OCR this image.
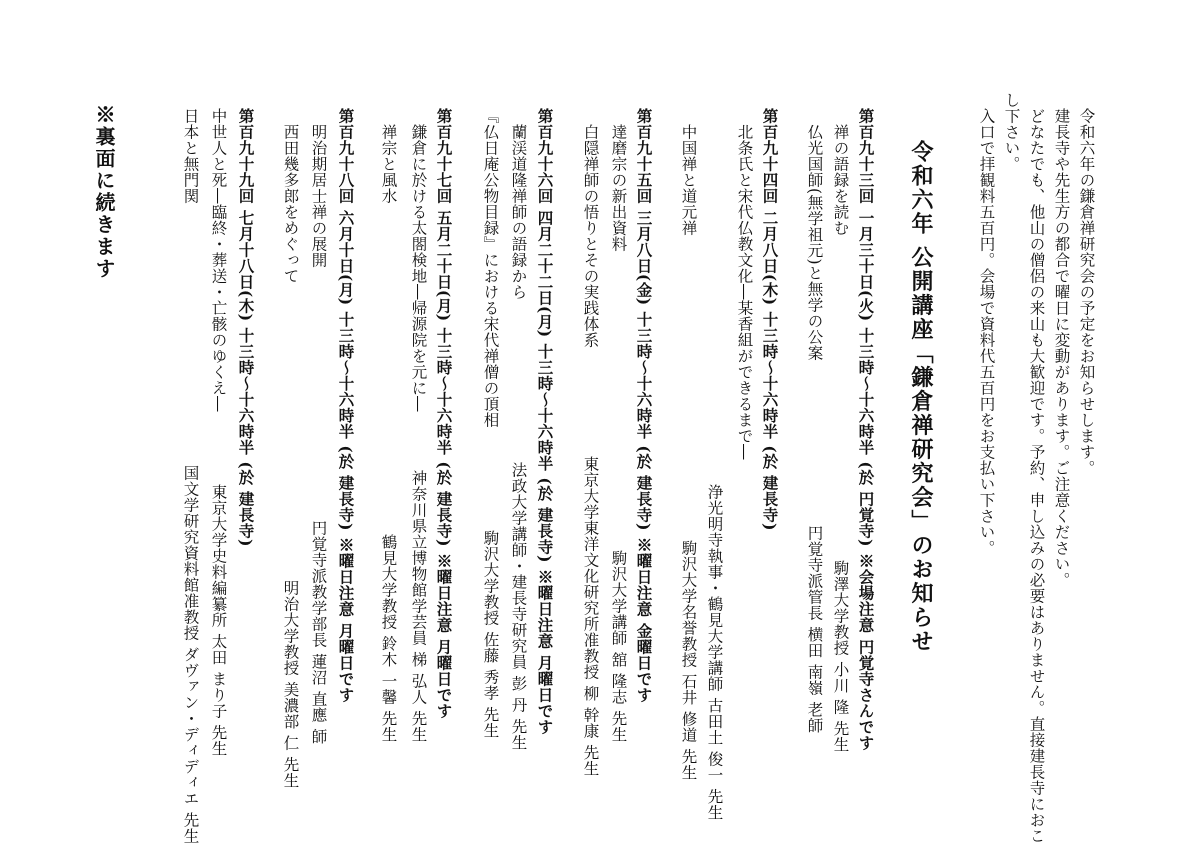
令和六年の鎌倉禅研究会の予定をお知らせします。
建長寺や先生方の都合で曜日に変動があります。ご注意ください。
どなたでも、他山の僧侶の来山も大歓迎です。予約、申し込みの必要はありません。直接建長寺におこ
し下さい。
入口で拝観料五百円。会場で資料代五百円をお支払い下さい。
令和六年 公開講座「鎌倉禅研究会」のお知らせ
第百九十三回 一月三十日(火) 十三時～十六時半 (於 円覚寺) ※会場注意 円覚寺さんです
禅の語録を読む
駒澤大学教授 小川 隆 先生
仏光国師(無学祖元)と無学の公案
円覚寺派管長 横田 南嶺 老師
第百九十四回 二月八日(木) 十三時～十六時半 (於 建長寺)
北条氏と宋代仏教文化―某香組ができるまで―
浄光明寺執事・鶴見大学講師 古田土 俊一 先生
中国禅と道元禅
駒沢大学名誉教授 石井 修道 先生
第百九十五回 三月八日(金) 十三時～十六時半 (於 建長寺) ※曜日注意 金曜日です
達磨宗の新出資料
駒沢大学講師 舘 隆志 先生
白隠禅師の悟りとその実践体系
東京大学東洋文化研究所准教授 柳 幹康 先生
第百九十六回 四月二十二日(月) 十三時～十六時半 (於 建長寺) ※曜日注意 月曜日です
蘭渓道隆禅師の語録から
法政大学講師・建長寺研究員 彭 丹 先生
『仏日庵公物目録』における宋代禅僧の頂相
駒沢大学教授 佐藤 秀孝 先生
第百九十七回 五月二十日(月) 十三時～十六時半 (於 建長寺) ※曜日注意 月曜日です
鎌倉に於ける太閤検地―帰源院を元に―
神奈川県立博物館学芸員 梯 弘人 先生
禅宗と風水
鶴見大学教授 鈴木 一馨 先生
第百九十八回 六月十日(月) 十三時～十六時半 (於 建長寺) ※曜日注意 月曜日です
明治期居士禅の展開
円覚寺派教学部長 蓮沼 直應 師
西田幾多郎をめぐって
明治大学教授 美濃部 仁 先生
第百九十九回 七月十八日(木) 十三時～十六時半 (於 建長寺)
中世人と死―臨終・葬送・亡骸のゆくえ―
東京大学史料編纂所 太田 まり子 先生
日本と無門関
国文学研究資料館准教授 ダヴァン・ディディエ 先生
※裏面に続きます
